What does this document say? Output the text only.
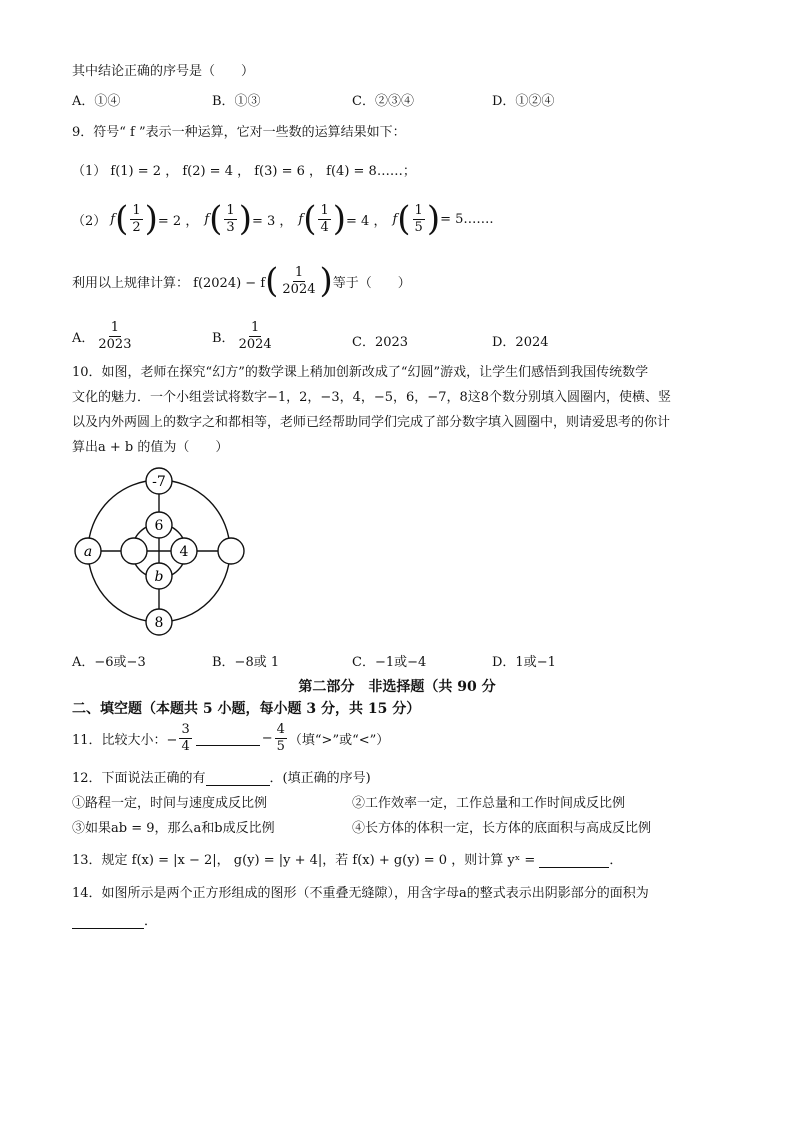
其中结论正确的序号是（　　）
A．①④	B．①③	C．②③④	D．①②④
9．符号“ f ”表示一种运算，它对一些数的运算结果如下：
（1） f(1) = 2 ， f(2) = 4 ， f(3) = 6 ， f(4) = 8……；
（2） f ( $\frac{1}{2}$ ) = 2 ， f ( $\frac{1}{3}$ ) = 3 ， f ( $\frac{1}{4}$ ) = 4 ， f ( $\frac{1}{5}$ ) = 5…….
利用以上规律计算： f(2024) − f ( $\frac{1}{2024}$ ) 等于（　　）
A． $\frac{1}{2023}$	B． $\frac{1}{2024}$	C．2023	D．2024
10．如图，老师在探究“幻方”的数学课上稍加创新改成了“幻圆”游戏，让学生们感悟到我国传统数学
文化的魅力．一个小组尝试将数字−1，2，−3，4，−5，6，−7，8这8个数分别填入圆圈内，使横、竖
以及内外两圆上的数字之和都相等，老师已经帮助同学们完成了部分数字填入圆圈中，则请爱思考的你计
算出a + b 的值为（　　）
-7
6
4
b
a
8
A．−6或−3	B．−8或 1	C．−1或−4	D．1或−1
第二部分　非选择题（共 90 分
二、填空题（本题共 5 小题，每小题 3 分，共 15 分）
11．比较大小：− $\frac{3}{4}$	− $\frac{4}{5}$ （填“>”或“<”）
12．下面说法正确的有	．(填正确的序号)
①路程一定，时间与速度成反比例	②工作效率一定，工作总量和工作时间成反比例
③如果ab = 9，那么a和b成反比例	④长方体的体积一定，长方体的底面积与高成反比例
13．规定 f(x) = |x − 2|， g(y) = |y + 4|，若 f(x) + g(y) = 0 ，则计算 yˣ =	．
14．如图所示是两个正方形组成的图形（不重叠无缝隙），用含字母a的整式表示出阴影部分的面积为
．
